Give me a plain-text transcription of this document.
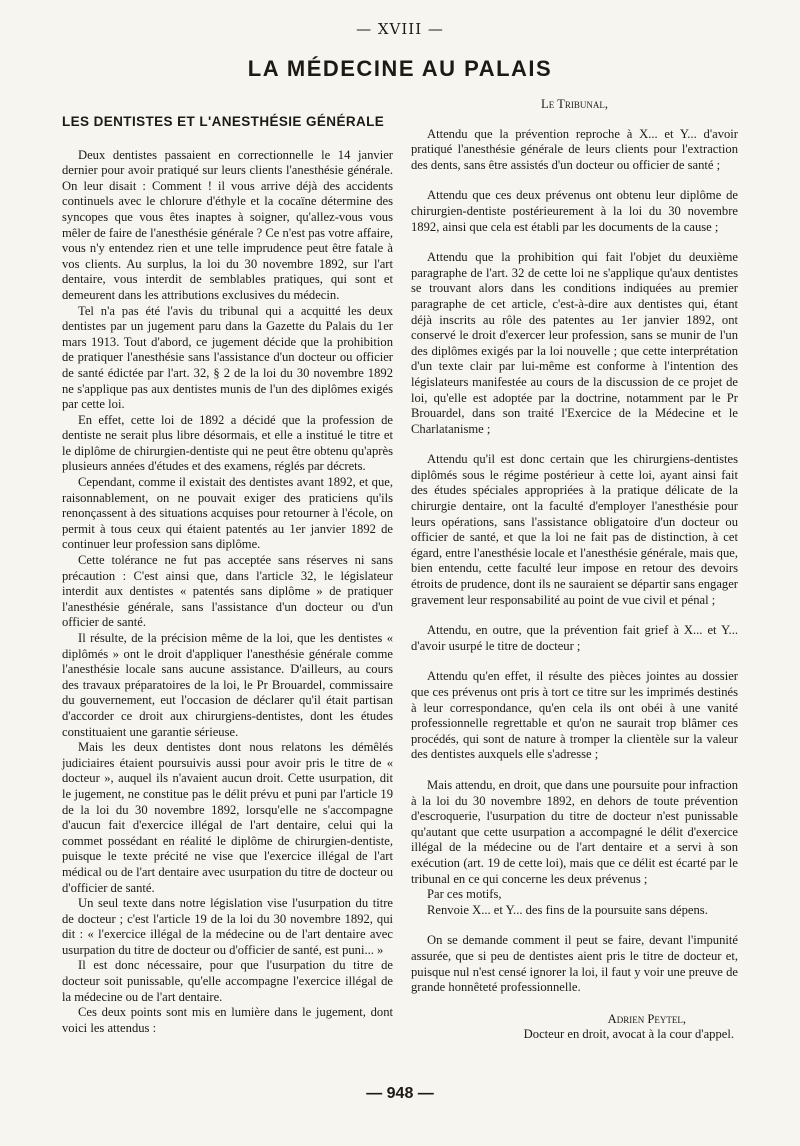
— XVIII —
LA MÉDECINE AU PALAIS
LES DENTISTES ET L'ANESTHÉSIE GÉNÉRALE

Deux dentistes passaient en correctionnelle le 14 janvier dernier pour avoir pratiqué sur leurs clients l'anesthésie générale. On leur disait : Comment ! il vous arrive déjà des accidents continuels avec le chlorure d'éthyle et la cocaïne détermine des syncopes que vous êtes inaptes à soigner, qu'allez-vous vous mêler de faire de l'anesthésie générale ? Ce n'est pas votre affaire, vous n'y entendez rien et une telle imprudence peut être fatale à vos clients. Au surplus, la loi du 30 novembre 1892, sur l'art dentaire, vous interdit de semblables pratiques, qui sont et demeurent dans les attributions exclusives du médecin.

Tel n'a pas été l'avis du tribunal qui a acquitté les deux dentistes par un jugement paru dans la Gazette du Palais du 1er mars 1913. Tout d'abord, ce jugement décide que la prohibition de pratiquer l'anesthésie sans l'assistance d'un docteur ou officier de santé édictée par l'art. 32, § 2 de la loi du 30 novembre 1892 ne s'applique pas aux dentistes munis de l'un des diplômes exigés par cette loi.

En effet, cette loi de 1892 a décidé que la profession de dentiste ne serait plus libre désormais, et elle a institué le titre et le diplôme de chirurgien-dentiste qui ne peut être obtenu qu'après plusieurs années d'études et des examens, réglés par décrets.

Cependant, comme il existait des dentistes avant 1892, et que, raisonnablement, on ne pouvait exiger des praticiens qu'ils renonçassent à des situations acquises pour retourner à l'école, on permit à tous ceux qui étaient patentés au 1er janvier 1892 de continuer leur profession sans diplôme.

Cette tolérance ne fut pas acceptée sans réserves ni sans précaution : C'est ainsi que, dans l'article 32, le législateur interdit aux dentistes « patentés sans diplôme » de pratiquer l'anesthésie générale, sans l'assistance d'un docteur ou d'un officier de santé.

Il résulte, de la précision même de la loi, que les dentistes « diplômés » ont le droit d'appliquer l'anesthésie générale comme l'anesthésie locale sans aucune assistance. D'ailleurs, au cours des travaux préparatoires de la loi, le Pr Brouardel, commissaire du gouvernement, eut l'occasion de déclarer qu'il était partisan d'accorder ce droit aux chirurgiens-dentistes, dont les études constituaient une garantie sérieuse.

Mais les deux dentistes dont nous relatons les démêlés judiciaires étaient poursuivis aussi pour avoir pris le titre de « docteur », auquel ils n'avaient aucun droit. Cette usurpation, dit le jugement, ne constitue pas le délit prévu et puni par l'article 19 de la loi du 30 novembre 1892, lorsqu'elle ne s'accompagne d'aucun fait d'exercice illégal de l'art dentaire, celui qui la commet possédant en réalité le diplôme de chirurgien-dentiste, puisque le texte précité ne vise que l'exercice illégal de l'art médical ou de l'art dentaire avec usurpation du titre de docteur ou d'officier de santé.

Un seul texte dans notre législation vise l'usurpation du titre de docteur ; c'est l'article 19 de la loi du 30 novembre 1892, qui dit : « l'exercice illégal de la médecine ou de l'art dentaire avec usurpation du titre de docteur ou d'officier de santé, est puni... »

Il est donc nécessaire, pour que l'usurpation du titre de docteur soit punissable, qu'elle accompagne l'exercice illégal de la médecine ou de l'art dentaire.

Ces deux points sont mis en lumière dans le jugement, dont voici les attendus :

Le Tribunal,

Attendu que la prévention reproche à X... et Y... d'avoir pratiqué l'anesthésie générale de leurs clients pour l'extraction des dents, sans être assistés d'un docteur ou officier de santé ;

Attendu que ces deux prévenus ont obtenu leur diplôme de chirurgien-dentiste postérieurement à la loi du 30 novembre 1892, ainsi que cela est établi par les documents de la cause ;

Attendu que la prohibition qui fait l'objet du deuxième paragraphe de l'art. 32 de cette loi ne s'applique qu'aux dentistes se trouvant alors dans les conditions indiquées au premier paragraphe de cet article, c'est-à-dire aux dentistes qui, étant déjà inscrits au rôle des patentes au 1er janvier 1892, ont conservé le droit d'exercer leur profession, sans se munir de l'un des diplômes exigés par la loi nouvelle ; que cette interprétation d'un texte clair par lui-même est conforme à l'intention des législateurs manifestée au cours de la discussion de ce projet de loi, qu'elle est adoptée par la doctrine, notamment par le Pr Brouardel, dans son traité l'Exercice de la Médecine et le Charlatanisme ;

Attendu qu'il est donc certain que les chirurgiens-dentistes diplômés sous le régime postérieur à cette loi, ayant ainsi fait des études spéciales appropriées à la pratique délicate de la chirurgie dentaire, ont la faculté d'employer l'anesthésie pour leurs opérations, sans l'assistance obligatoire d'un docteur ou officier de santé, et que la loi ne fait pas de distinction, à cet égard, entre l'anesthésie locale et l'anesthésie générale, mais que, bien entendu, cette faculté leur impose en retour des devoirs étroits de prudence, dont ils ne sauraient se départir sans engager gravement leur responsabilité au point de vue civil et pénal ;

Attendu, en outre, que la prévention fait grief à X... et Y... d'avoir usurpé le titre de docteur ;

Attendu qu'en effet, il résulte des pièces jointes au dossier que ces prévenus ont pris à tort ce titre sur les imprimés destinés à leur correspondance, qu'en cela ils ont obéi à une vanité professionnelle regrettable et qu'on ne saurait trop blâmer ces procédés, qui sont de nature à tromper la clientèle sur la valeur des dentistes auxquels elle s'adresse ;

Mais attendu, en droit, que dans une poursuite pour infraction à la loi du 30 novembre 1892, en dehors de toute prévention d'escroquerie, l'usurpation du titre de docteur n'est punissable qu'autant que cette usurpation a accompagné le délit d'exercice illégal de la médecine ou de l'art dentaire et a servi à son exécution (art. 19 de cette loi), mais que ce délit est écarté par le tribunal en ce qui concerne les deux prévenus ;

Par ces motifs,

Renvoie X... et Y... des fins de la poursuite sans dépens.

On se demande comment il peut se faire, devant l'impunité assurée, que si peu de dentistes aient pris le titre de docteur et, puisque nul n'est censé ignorer la loi, il faut y voir une preuve de grande honnêteté professionnelle.

Adrien Peytel,
Docteur en droit, avocat à la cour d'appel.
— 948 —
